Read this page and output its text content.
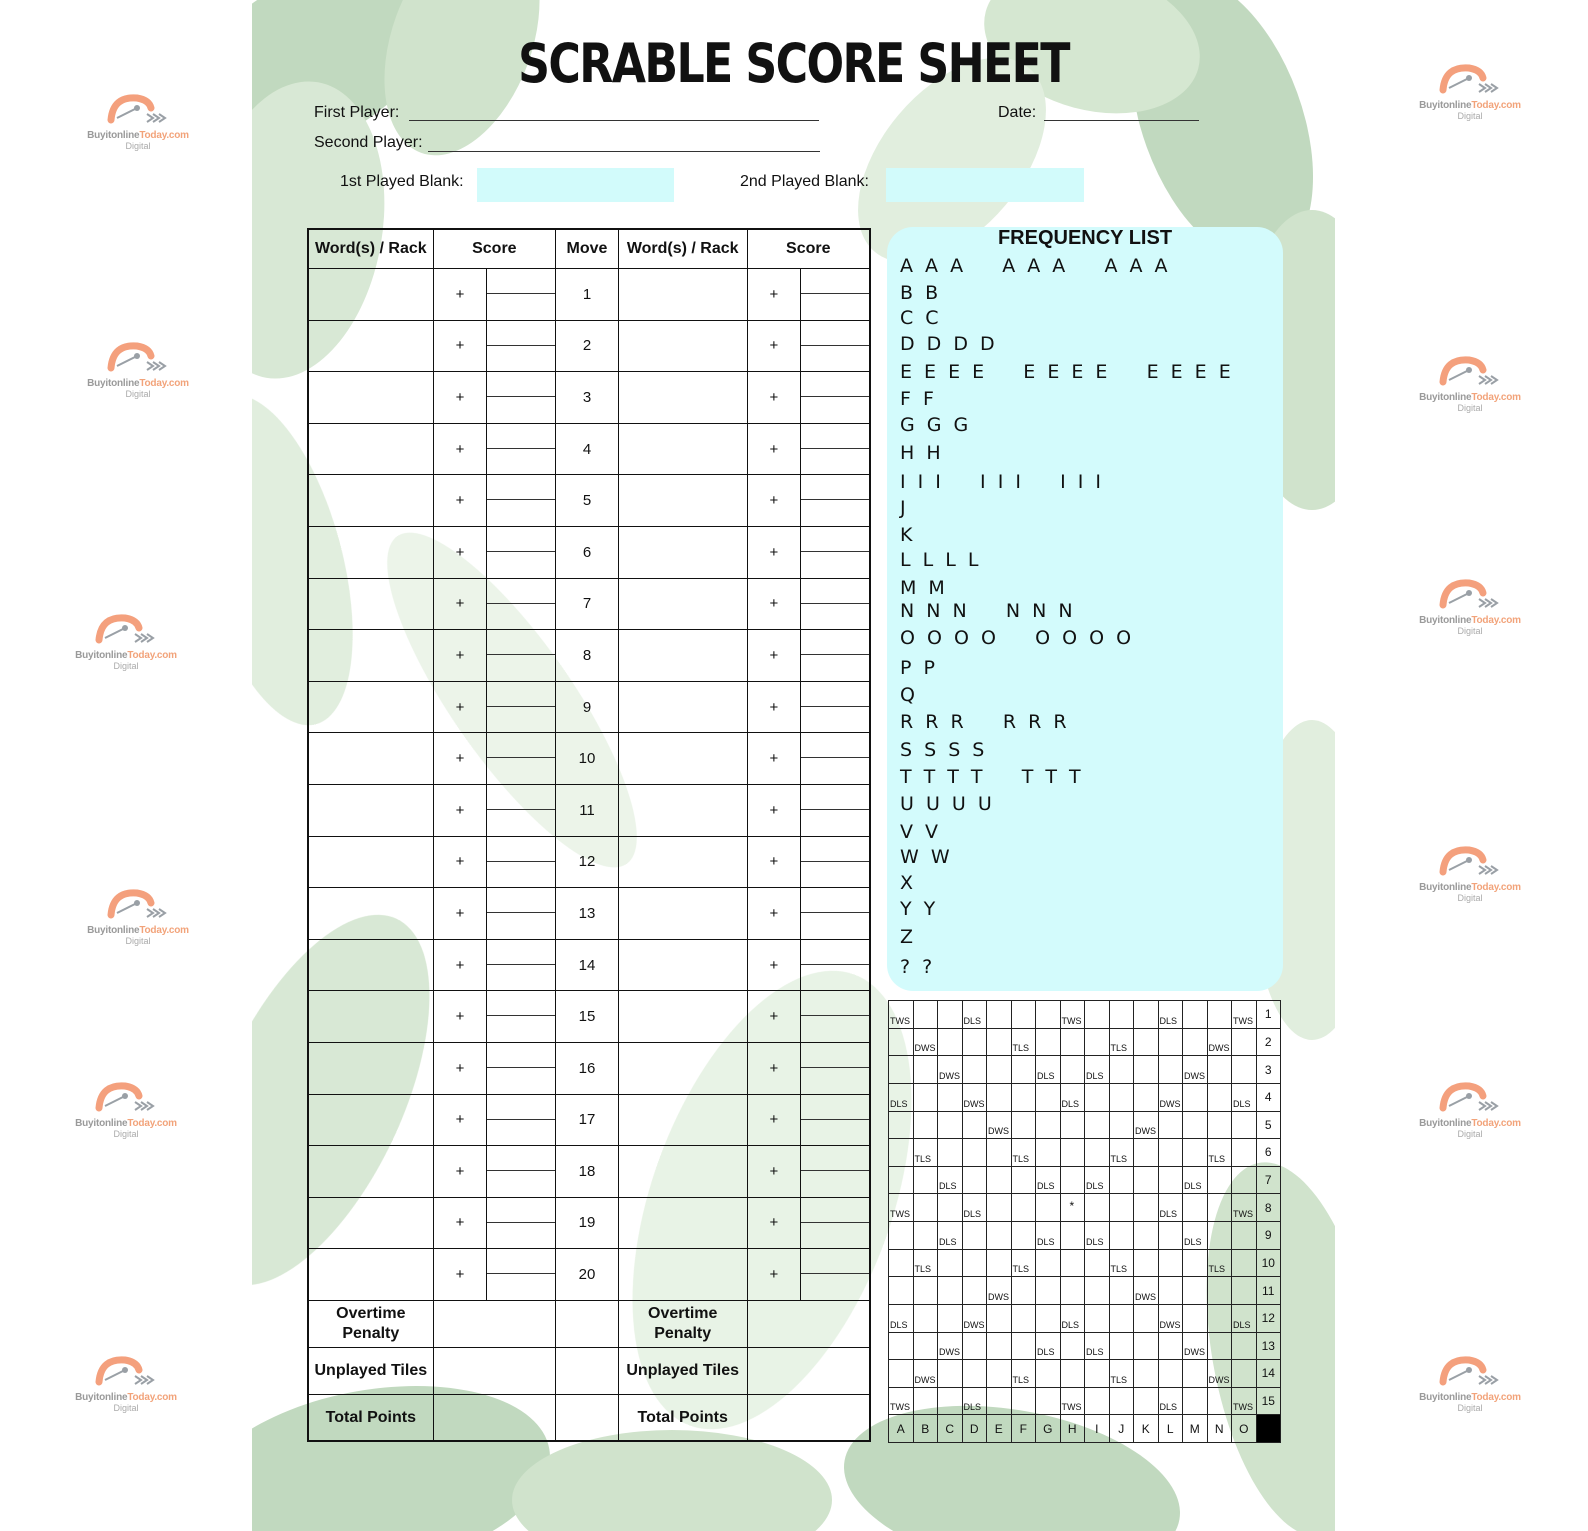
BuyitonlineToday.com
Digital
BuyitonlineToday.com
Digital
BuyitonlineToday.com
Digital
BuyitonlineToday.com
Digital
BuyitonlineToday.com
Digital
BuyitonlineToday.com
Digital
BuyitonlineToday.com
Digital
BuyitonlineToday.com
Digital
BuyitonlineToday.com
Digital
BuyitonlineToday.com
Digital
BuyitonlineToday.com
Digital
BuyitonlineToday.com
Digital
SCRABLE SCORE SHEET
First Player:
Second Player:
Date:
1st Played Blank:	2nd Played Blank:
Word(s) / Rack	Score		Move	Word(s) / Rack	Score	
	+		1		+	

	+		2		+	

	+		3		+	

	+		4		+	

	+		5		+	

	+		6		+	

	+		7		+	

	+		8		+	

	+		9		+	

	+		10		+	

	+		11		+	

	+		12		+	

	+		13		+	

	+		14		+	

	+		15		+	

	+		16		+	

	+		17		+	

	+		18		+	

	+		19		+	

	+		20		+	

Overtime Penalty				Overtime Penalty		
Unplayed Tiles				Unplayed Tiles		
Total Points				Total Points		
FREQUENCY LIST
A A A    A A A    A A A
B B
C C
D D D D
E E E E    E E E E    E E E E
F F
G G G
H H
I I I    I I I    I I I
J
K
L L L L
M M
N N N    N N N
O O O O    O O O O
P P
Q
R R R    R R R
S S S S
T T T T    T T T
U U U U
V V
W W
X
Y Y
Z
? ?
TWS			DLS				TWS				DLS			TWS	1

	DWS				TLS				TLS				DWS		2

		DWS				DLS		DLS				DWS			3

DLS			DWS				DLS				DWS			DLS	4

				DWS						DWS					5

	TLS				TLS				TLS				TLS		6

		DLS				DLS		DLS				DLS			7

TWS			DLS				*				DLS			TWS	8

		DLS				DLS		DLS				DLS			9

	TLS				TLS				TLS				TLS		10

				DWS						DWS					11

DLS			DWS				DLS				DWS			DLS	12

		DWS				DLS		DLS				DWS			13

	DWS				TLS				TLS				DWS		14

TWS			DLS				TWS				DLS			TWS	15
A	B	C	D	E	F	G	H	I	J	K	L	M	N	O	
